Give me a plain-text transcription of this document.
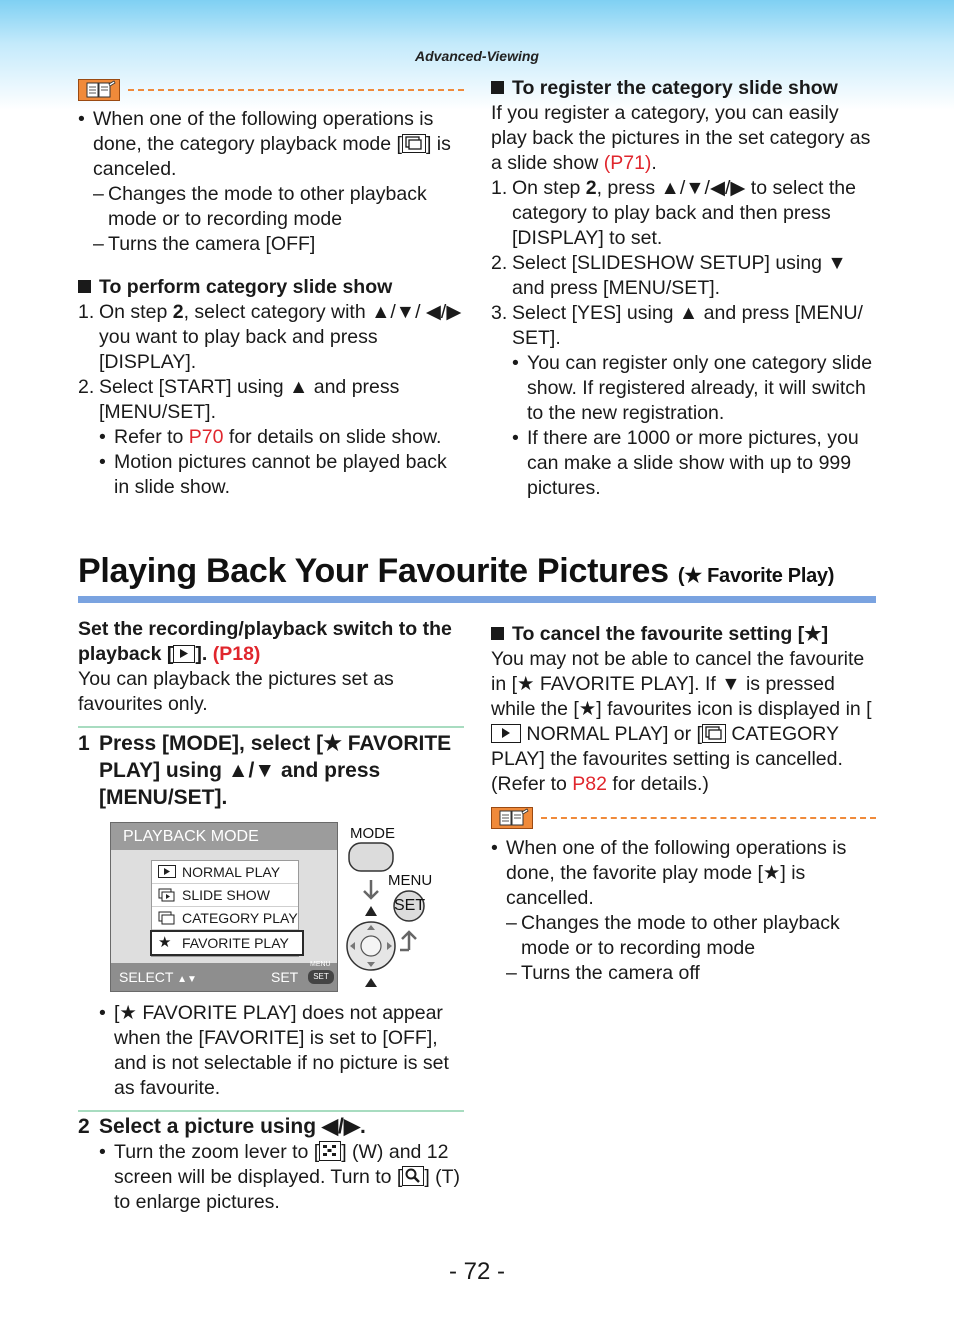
Advanced-Viewing
• When one of the following operations is done, the category playback mode [ ] is canceled.
– Changes the mode to other playback mode or to recording mode
– Turns the camera [OFF]
To perform category slide show
1. On step 2, select category with ▲/▼/ ◀/▶ you want to play back and press [DISPLAY].
2. Select [START] using ▲ and press [MENU/SET].
• Refer to P70 for details on slide show.
• Motion pictures cannot be played back in slide show.
To register the category slide show
If you register a category, you can easily play back the pictures in the set category as a slide show (P71).
1. On step 2, press ▲/▼/◀/▶ to select the category to play back and then press [DISPLAY] to set.
2. Select [SLIDESHOW SETUP] using ▼ and press [MENU/SET].
3. Select [YES] using ▲ and press [MENU/ SET].
• You can register only one category slide show. If registered already, it will switch to the new registration.
• If there are 1000 or more pictures, you can make a slide show with up to 999 pictures.
Playing Back Your Favourite Pictures (★ Favorite Play)
Set the recording/playback switch to the playback [ ]. (P18)
You can playback the pictures set as favourites only.
1 Press [MODE], select [★ FAVORITE PLAY] using ▲/▼ and press [MENU/SET].
PLAYBACK MODE
NORMAL PLAY
SLIDE SHOW
CATEGORY PLAY
★ FAVORITE PLAY
SELECT ▲▼	SET
MENU
SET
MODE
MENU
SET
• [★ FAVORITE PLAY] does not appear when the [FAVORITE] is set to [OFF], and is not selectable if no picture is set as favourite.
2 Select a picture using ◀/▶.
• Turn the zoom lever to [ ] (W) and 12 screen will be displayed. Turn to [ ] (T) to enlarge pictures.
To cancel the favourite setting [★]
You may not be able to cancel the favourite in [★ FAVORITE PLAY]. If ▼ is pressed while the [★] favourites icon is displayed in [
NORMAL PLAY] or [
CATEGORY PLAY] the favourites setting is cancelled. (Refer to P82 for details.)
• When one of the following operations is done, the favorite play mode [★] is cancelled.
– Changes the mode to other playback mode or to recording mode
– Turns the camera off
- 72 -
